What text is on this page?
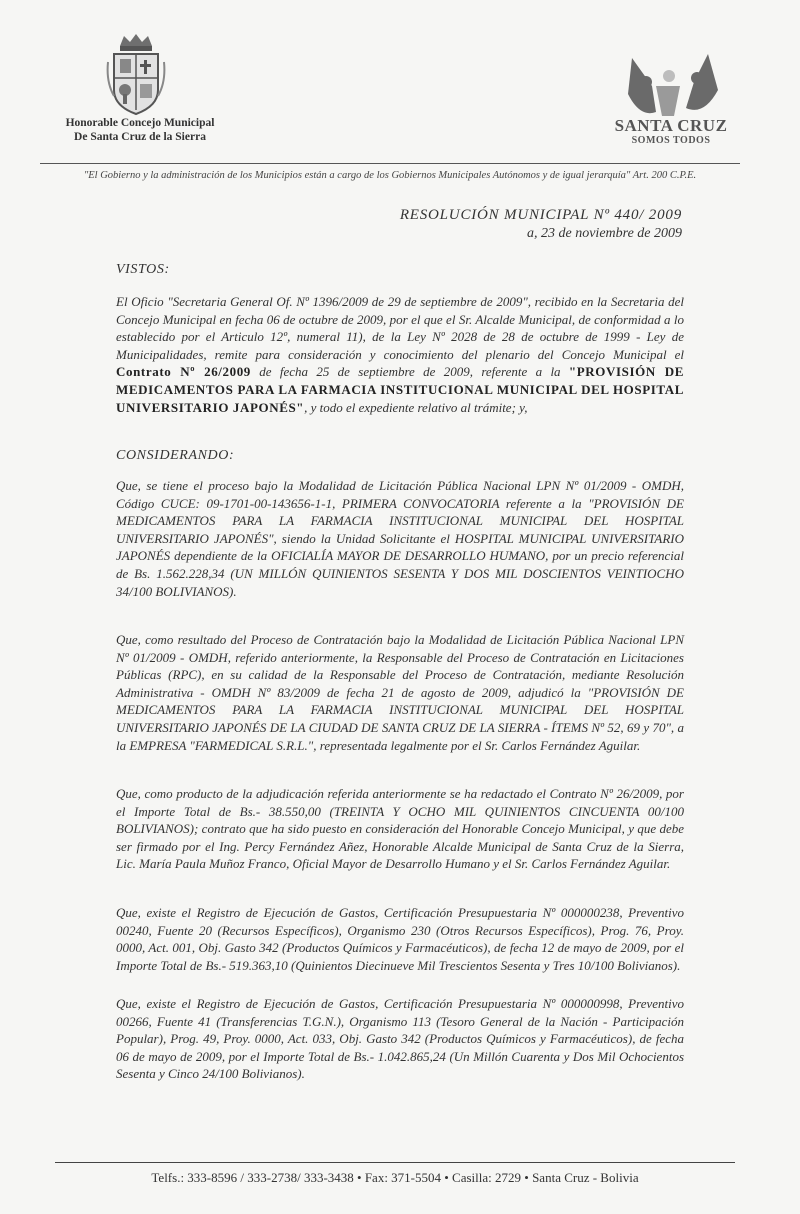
Honorable Concejo Municipal
De Santa Cruz de la Sierra
SANTA CRUZ
SOMOS TODOS
"El Gobierno y la administración de los Municipios están a cargo de los Gobiernos Municipales Autónomos y de igual jerarquía" Art. 200 C.P.E.
RESOLUCIÓN MUNICIPAL Nº 440/ 2009
a, 23 de noviembre de 2009
VISTOS:
El Oficio "Secretaria General Of. Nº 1396/2009 de 29 de septiembre de 2009", recibido en la Secretaria del Concejo Municipal en fecha 06 de octubre de 2009, por el que el Sr. Alcalde Municipal, de conformidad a lo establecido por el Articulo 12º, numeral 11), de la Ley Nº 2028 de 28 de octubre de 1999 - Ley de Municipalidades, remite para consideración y conocimiento del plenario del Concejo Municipal el Contrato Nº 26/2009 de fecha 25 de septiembre de 2009, referente a la "PROVISIÓN DE MEDICAMENTOS PARA LA FARMACIA INSTITUCIONAL MUNICIPAL DEL HOSPITAL UNIVERSITARIO JAPONÉS", y todo el expediente relativo al trámite; y,
CONSIDERANDO:
Que, se tiene el proceso bajo la Modalidad de Licitación Pública Nacional LPN Nº 01/2009 - OMDH, Código CUCE: 09-1701-00-143656-1-1, PRIMERA CONVOCATORIA referente a la "PROVISIÓN DE MEDICAMENTOS PARA LA FARMACIA INSTITUCIONAL MUNICIPAL DEL HOSPITAL UNIVERSITARIO JAPONÉS", siendo la Unidad Solicitante el HOSPITAL MUNICIPAL UNIVERSITARIO JAPONÉS dependiente de la OFICIALÍA MAYOR DE DESARROLLO HUMANO, por un precio referencial de Bs. 1.562.228,34 (UN MILLÓN QUINIENTOS SESENTA Y DOS MIL DOSCIENTOS VEINTIOCHO 34/100 BOLIVIANOS).
Que, como resultado del Proceso de Contratación bajo la Modalidad de Licitación Pública Nacional LPN Nº 01/2009 - OMDH, referido anteriormente, la Responsable del Proceso de Contratación en Licitaciones Públicas (RPC), en su calidad de la Responsable del Proceso de Contratación, mediante Resolución Administrativa - OMDH Nº 83/2009 de fecha 21 de agosto de 2009, adjudicó la "PROVISIÓN DE MEDICAMENTOS PARA LA FARMACIA INSTITUCIONAL MUNICIPAL DEL HOSPITAL UNIVERSITARIO JAPONÉS DE LA CIUDAD DE SANTA CRUZ DE LA SIERRA - ÍTEMS Nº 52, 69 y 70", a la EMPRESA "FARMEDICAL S.R.L.", representada legalmente por el Sr. Carlos Fernández Aguilar.
Que, como producto de la adjudicación referida anteriormente se ha redactado el Contrato Nº 26/2009, por el Importe Total de Bs.- 38.550,00 (TREINTA Y OCHO MIL QUINIENTOS CINCUENTA 00/100 BOLIVIANOS); contrato que ha sido puesto en consideración del Honorable Concejo Municipal, y que debe ser firmado por el Ing. Percy Fernández Añez, Honorable Alcalde Municipal de Santa Cruz de la Sierra, Lic. María Paula Muñoz Franco, Oficial Mayor de Desarrollo Humano y el Sr. Carlos Fernández Aguilar.
Que, existe el Registro de Ejecución de Gastos, Certificación Presupuestaria Nº 000000238, Preventivo 00240, Fuente 20 (Recursos Específicos), Organismo 230 (Otros Recursos Específicos), Prog. 76, Proy. 0000, Act. 001, Obj. Gasto 342 (Productos Químicos y Farmacéuticos), de fecha 12 de mayo de 2009, por el Importe Total de Bs.- 519.363,10 (Quinientos Diecinueve Mil Trescientos Sesenta y Tres 10/100 Bolivianos).
Que, existe el Registro de Ejecución de Gastos, Certificación Presupuestaria Nº 000000998, Preventivo 00266, Fuente 41 (Transferencias T.G.N.), Organismo 113 (Tesoro General de la Nación - Participación Popular), Prog. 49, Proy. 0000, Act. 033, Obj. Gasto 342 (Productos Químicos y Farmacéuticos), de fecha 06 de mayo de 2009, por el Importe Total de Bs.- 1.042.865,24 (Un Millón Cuarenta y Dos Mil Ochocientos Sesenta y Cinco 24/100 Bolivianos).
Telfs.: 333-8596 / 333-2738/ 333-3438 • Fax: 371-5504 • Casilla: 2729 • Santa Cruz - Bolivia
